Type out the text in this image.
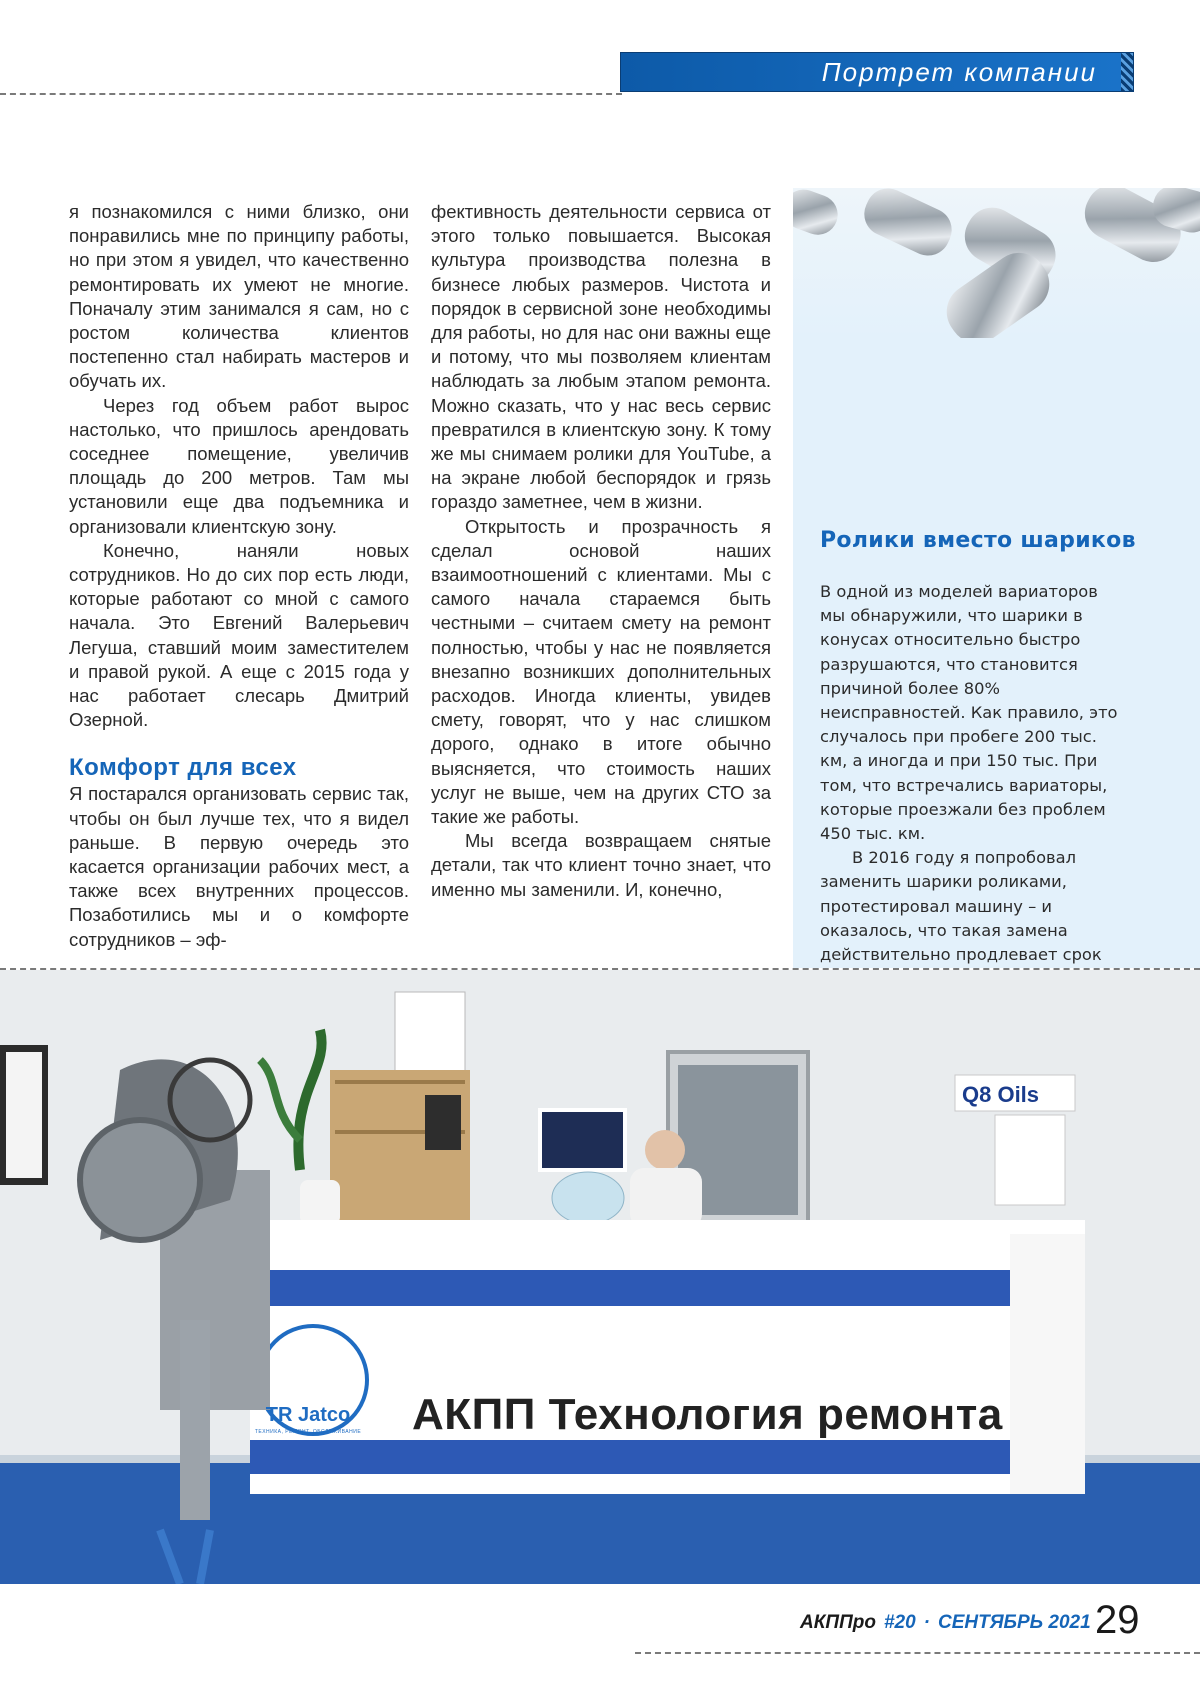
Портрет компании

я познакомился с ними близко, они понравились мне по принципу работы, но при этом я увидел, что качественно ремонтировать их умеют не многие. Поначалу этим занимался я сам, но с ростом количества клиентов постепенно стал набирать мастеров и обучать их.

Через год объем работ вырос настолько, что пришлось арендовать соседнее помещение, увеличив площадь до 200 метров. Там мы установили еще два подъемника и организовали клиентскую зону.

Конечно, наняли новых сотрудников. Но до сих пор есть люди, которые работают со мной с самого начала. Это Евгений Валерьевич Легуша, ставший моим заместителем и правой рукой. А еще с 2015 года у нас работает слесарь Дмитрий Озерной.

Комфорт для всех

Я постарался организовать сервис так, чтобы он был лучше тех, что я видел раньше. В первую очередь это касается организации рабочих мест, а также всех внутренних процессов. Позаботились мы и о комфорте сотрудников – эф-

фективность деятельности сервиса от этого только повышается. Высокая культура производства полезна в бизнесе любых размеров. Чистота и порядок в сервисной зоне необходимы для работы, но для нас они важны еще и потому, что мы позволяем клиентам наблюдать за любым этапом ремонта. Можно сказать, что у нас весь сервис превратился в клиентскую зону. К тому же мы снимаем ролики для YouTube, а на экране любой беспорядок и грязь гораздо заметнее, чем в жизни.

Открытость и прозрачность я сделал основой наших взаимоотношений с клиентами. Мы с самого начала стараемся быть честными – считаем смету на ремонт полностью, чтобы у нас не появляется внезапно возникших дополнительных расходов. Иногда клиенты, увидев смету, говорят, что у нас слишком дорого, однако в итоге обычно выясняется, что стоимость наших услуг не выше, чем на других СТО за такие же работы.

Мы всегда возвращаем снятые детали, так что клиент точно знает, что именно мы заменили. И, конечно,

Ролики вместо шариков

В одной из моделей вариаторов мы обнаружили, что шарики в конусах относительно быстро разрушаются, что становится причиной более 80% неисправностей. Как правило, это случалось при пробеге 200 тыс. км, а иногда и при 150 тыс. При том, что встречались вариаторы, которые проезжали без проблем 450 тыс. км.

В 2016 году я попробовал заменить шарики роликами, протестировал машину – и оказалось, что такая замена действительно продлевает срок

TR Jatco
ТЕХНИКА, РЕМОНТ, ОБСЛУЖИВАНИЕ АКПП Технология ремонта
Q8 Oils
АКППро #20 · СЕНТЯБРЬ 2021 29
